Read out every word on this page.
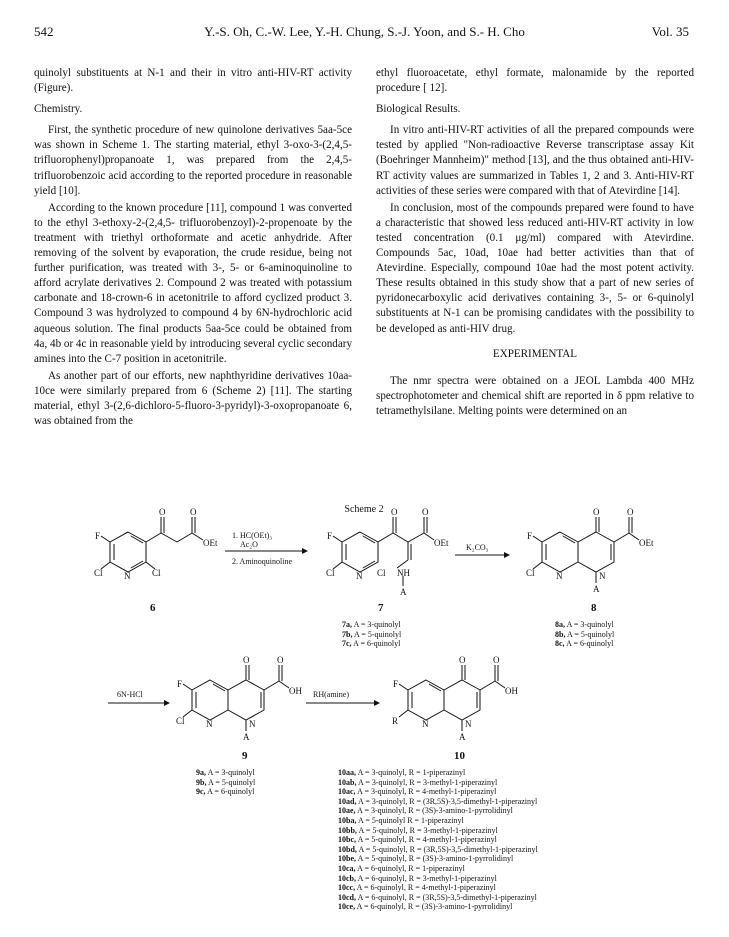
542	Y.-S. Oh, C.-W. Lee, Y.-H. Chung, S.-J. Yoon, and S.- H. Cho	Vol. 35

quinolyl substituents at N-1 and their in vitro anti-HIV-RT activity (Figure).

Chemistry.

First, the synthetic procedure of new quinolone derivatives 5aa-5ce was shown in Scheme 1. The starting material, ethyl 3-oxo-3-(2,4,5-trifluorophenyl)propanoate 1, was prepared from the 2,4,5-trifluorobenzoic acid according to the reported procedure in reasonable yield [10].

According to the known procedure [11], compound 1 was converted to the ethyl 3-ethoxy-2-(2,4,5- trifluorobenzoyl)-2-propenoate by the treatment with triethyl orthoformate and acetic anhydride. After removing of the solvent by evaporation, the crude residue, being not further purification, was treated with 3-, 5- or 6-aminoquinoline to afford acrylate derivatives 2. Compound 2 was treated with potassium carbonate and 18-crown-6 in acetonitrile to afford cyclized product 3. Compound 3 was hydrolyzed to compound 4 by 6N-hydrochloric acid aqueous solution. The final products 5aa-5ce could be obtained from 4a, 4b or 4c in reasonable yield by introducing several cyclic secondary amines into the C-7 position in acetonitrile.

As another part of our efforts, new naphthyridine derivatives 10aa-10ce were similarly prepared from 6 (Scheme 2) [11]. The starting material, ethyl 3-(2,6-dichloro-5-fluoro-3-pyridyl)-3-oxopropanoate 6, was obtained from the

ethyl fluoroacetate, ethyl formate, malonamide by the reported procedure [ 12].

Biological Results.

In vitro anti-HIV-RT activities of all the prepared compounds were tested by applied "Non-radioactive Reverse transcriptase assay Kit (Boehringer Mannheim)" method [13], and the thus obtained anti-HIV-RT activity values are summarized in Tables 1, 2 and 3. Anti-HIV-RT activities of these series were compared with that of Atevirdine [14].

In conclusion, most of the compounds prepared were found to have a characteristic that showed less reduced anti-HIV-RT activity in low tested concentration (0.1 μg/ml) compared with Atevirdine. Compounds 5ac, 10ad, 10ae had better activities than that of Atevirdine. Especially, compound 10ae had the most potent activity. These results obtained in this study show that a part of new series of pyridonecarboxylic acid derivatives containing 3-, 5- or 6-quinolyl substituents at N-1 can be promising candidates with the possibility to be developed as anti-HIV drug.

EXPERIMENTAL

The nmr spectra were obtained on a JEOL Lambda 400 MHz spectrophotometer and chemical shift are reported in δ ppm relative to tetramethylsilane. Melting points were determined on an

Scheme 2
F
Cl N Cl
O	O
OEt
6
1. HC(OEt)₃
Ac₂O
2. Aminoquinoline
F
Cl N Cl
O	O
OEt
NH
A
7
K₂CO₃
F
Cl N	N
O	O
OEt
A
8
6N-HCl
F
Cl N	N
O	O
OH
A
9
RH(amine)
F
R	N	N
O	O
OH
A
10
7a, A = 3-quinolyl
7b, A = 5-quinolyl
7c, A = 6-quinolyl
8a, A = 3-quinolyl
8b, A = 5-quinolyl
8c, A = 6-quinolyl
9a, A = 3-quinolyl
9b, A = 5-quinolyl
9c, A = 6-quinolyl
10aa, A = 3-quinolyl, R = 1-piperazinyl
10ab, A = 3-quinolyl, R = 3-methyl-1-piperazinyl
10ac, A = 3-quinolyl, R = 4-methyl-1-piperazinyl
10ad, A = 3-quinolyl, R = (3R,5S)-3,5-dimethyl-1-piperazinyl
10ae, A = 3-quinolyl, R = (3S)-3-amino-1-pyrrolidinyl
10ba, A = 5-quinolyl R = 1-piperazinyl
10bb, A = 5-quinolyl, R = 3-methyl-1-piperazinyl
10bc, A = 5-quinolyl, R = 4-methyl-1-piperazinyl
10bd, A = 5-quinolyl, R = (3R,5S)-3,5-dimethyl-1-piperazinyl
10be, A = 5-quinolyl, R = (3S)-3-amino-1-pyrrolidinyl
10ca, A = 6-quinolyl, R = 1-piperazinyl
10cb, A = 6-quinolyl, R = 3-methyl-1-piperazinyl
10cc, A = 6-quinolyl, R = 4-methyl-1-piperazinyl
10cd, A = 6-quinolyl, R = (3R,5S)-3,5-dimethyl-1-piperazinyl
10ce, A = 6-quinolyl, R = (3S)-3-amino-1-pyrrolidinyl
